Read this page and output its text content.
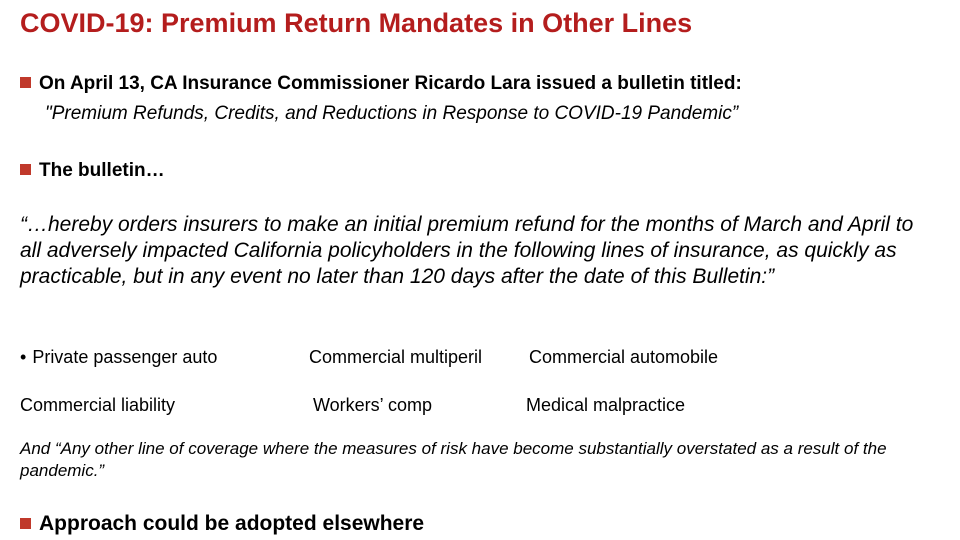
COVID-19: Premium Return Mandates in Other Lines
On April 13, CA Insurance Commissioner Ricardo Lara issued a bulletin titled:
"Premium Refunds, Credits, and Reductions in Response to COVID-19 Pandemic”
The bulletin…
“…hereby orders insurers to make an initial premium refund for the months of March and April to all adversely impacted California policyholders in the following lines of insurance, as quickly as practicable, but in any event no later than 120 days after the date of this Bulletin:”
• Private passenger auto	Commercial multiperil	Commercial automobile
Commercial liability	Workers’ comp	Medical malpractice
And “Any other line of coverage where the measures of risk have become substantially overstated as a result of the pandemic.”
Approach could be adopted elsewhere
